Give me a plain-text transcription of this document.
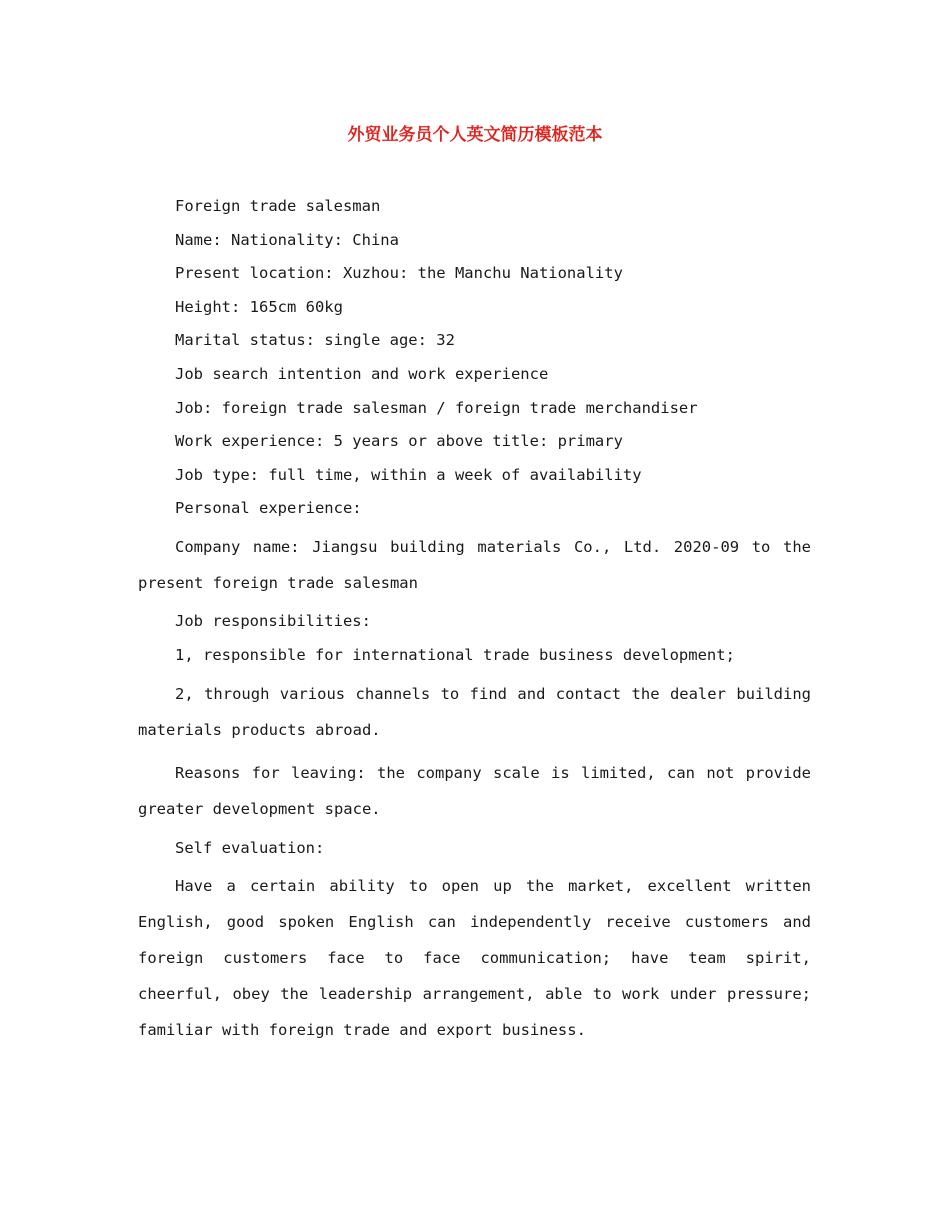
外贸业务员个人英文简历模板范本

Foreign trade salesman

Name: Nationality: China

Present location: Xuzhou: the Manchu Nationality

Height: 165cm 60kg

Marital status: single age: 32

Job search intention and work experience

Job: foreign trade salesman / foreign trade merchandiser

Work experience: 5 years or above title: primary

Job type: full time, within a week of availability

Personal experience:

Company name: Jiangsu building materials Co., Ltd. 2020-09 to the present foreign trade salesman

Job responsibilities:

1, responsible for international trade business development;

2, through various channels to find and contact the dealer building materials products abroad.

Reasons for leaving: the company scale is limited, can not provide greater development space.

Self evaluation:

Have a certain ability to open up the market, excellent written English, good spoken English can independently receive customers and foreign customers face to face communication; have team spirit, cheerful, obey the leadership arrangement, able to work under pressure; familiar with foreign trade and export business.
